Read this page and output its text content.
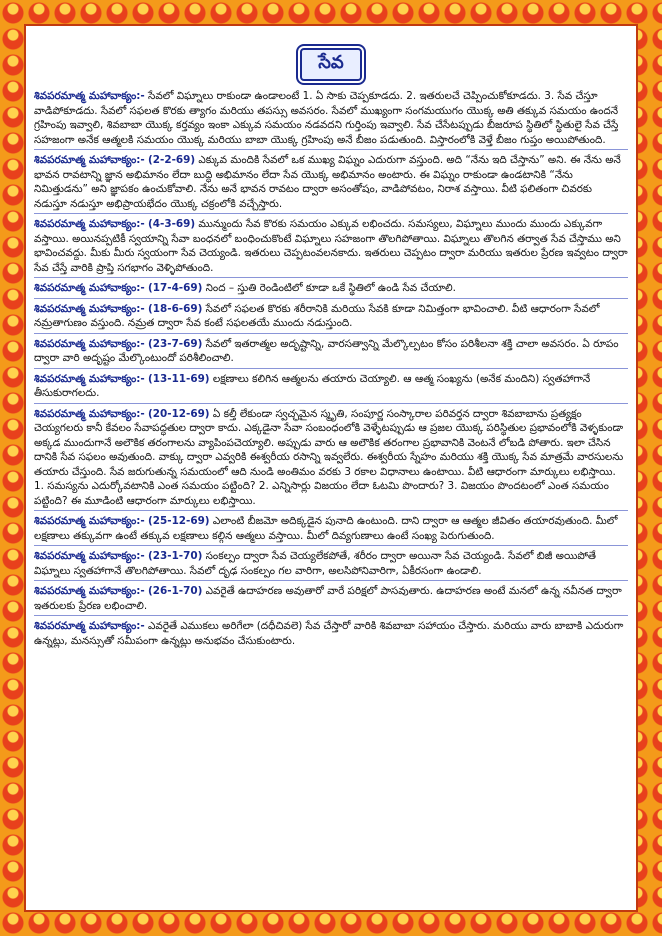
సేవ

శివపరమాత్మ మహావాక్యం:- సేవలో విఘ్నాలు రాకుండా ఉండాలంటే 1. ఏ సాకు చెప్పకూడదు. 2. ఇతరులచే చెప్పించుకోకూడదు. 3. సేవ చేస్తూ వాడిపోకూడదు. సేవలో సఫలత కొరకు త్యాగం మరియు తపస్సు అవసరం. సేవలో ముఖ్యంగా సంగమయుగం యొక్క అతి తక్కువ సమయం ఉందనే గ్రహింపు ఇవ్వాలి, శివబాబా యొక్క కర్తవ్యం ఇంకా ఎక్కువ సమయం నడవదని గుర్తింపు ఇవ్వాలి. సేవ చేసేటప్పుడు బీజరూప స్థితిలో స్థితులై సేవ చేస్తే సహజంగా అనేక ఆత్మలకి సమయం యొక్క మరియు బాబా యొక్క గ్రహింపు అనే బీజం పడుతుంది. విస్తారంలోకి వెళ్తే బీజం గుప్తం అయిపోతుంది.

శివపరమాత్మ మహావాక్యం:- (2-2-69) ఎక్కువ మందికి సేవలో ఒక ముఖ్య విఘ్నం ఎదురుగా వస్తుంది. అది “నేను ఇది చేస్తాను” అని. ఈ నేను అనే భావన రావటాన్ని జ్ఞాన అభిమానం లేదా బుద్ధి అభిమానం లేదా సేవ యొక్క అభిమానం అంటారు. ఈ విఘ్నం రాకుండా ఉండటానికి “నేను నిమిత్తుడను” అని జ్ఞాపకం ఉంచుకోవాలి. నేను అనే భావన రావటం ద్వారా అసంతోషం, వాడిపోవటం, నిరాశ వస్తాయి. వీటి ఫలితంగా చివరకు నడుస్తూ నడుస్తూ అభిప్రాయభేదం యొక్క చక్రంలోకి వచ్చేస్తారు.

శివపరమాత్మ మహావాక్యం:- (4-3-69) మున్ముందు సేవ కొరకు సమయం ఎక్కువ లభించదు. సమస్యలు, విఘ్నాలు ముందు ముందు ఎక్కువగా వస్తాయి. అయినప్పటికీ స్వయాన్ని సేవా బంధనలో బంధించుకొంటే విఘ్నాలు సహజంగా తొలగిపోతాయి. విఘ్నాలు తొలగిన తర్వాత సేవ చేస్తాము అని భావించవద్దు. మీకు మీరు స్వయంగా సేవ చెయ్యండి. ఇతరులు చెప్పటంవలనకాదు. ఇతరులు చెప్పటం ద్వారా మరియు ఇతరుల ప్రేరణ ఇవ్వటం ద్వారా సేవ చేస్తే వారికి ప్రాప్తి సగభాగం వెళ్ళిపోతుంది.

శివపరమాత్మ మహావాక్యం:- (17-4-69) నింద – స్తుతి రెండింటిలో కూడా ఒకే స్థితిలో ఉండి సేవ చేయాలి.

శివపరమాత్మ మహావాక్యం:- (18-6-69) సేవలో సఫలత కొరకు శరీరానికి మరియు సేవకి కూడా నిమిత్తంగా భావించాలి. వీటి ఆధారంగా సేవలో నమ్రతాగుణం వస్తుంది. నమ్రత ద్వారా సేవ కంటే సఫలతయే ముందు నడుస్తుంది.

శివపరమాత్మ మహావాక్యం:- (23-7-69) సేవలో ఇతరాత్మల అదృష్టాన్ని, వారసత్వాన్ని మేల్కొల్పటం కోసం పరిశీలనా శక్తి చాలా అవసరం. ఏ రూపం ద్వారా వారి అదృష్టం మేల్కొంటుందో పరిశీలించాలి.

శివపరమాత్మ మహావాక్యం:- (13-11-69) లక్షణాలు కలిగిన ఆత్మలను తయారు చెయ్యాలి. ఆ ఆత్మ సంఖ్యను (అనేక మందిని) స్వతహాగానే తీసుకురాగలదు.

శివపరమాత్మ మహావాక్యం:- (20-12-69) ఏ కల్తీ లేకుండా స్వచ్ఛమైన స్మృతి, సంపూర్ణ సంస్కారాల పరివర్తన ద్వారా శివబాబాను ప్రత్యక్షం చెయ్యగలరు కానీ కేవలం సేవాపద్ధతుల ద్వారా కాదు. ఎక్కడైనా సేవా సంబంధంలోకి వెళ్ళేటప్పుడు ఆ ప్రజల యొక్క పరిస్థితుల ప్రభావంలోకి వెళ్ళకుండా అక్కడ ముందుగానే అలౌకిక తరంగాలను వ్యాపింపచెయ్యాలి. అప్పుడు వారు ఆ అలౌకిక తరంగాల ప్రభావానికి వెంటనే లోబడి పోతారు. ఇలా చేసిన దానికి సేవ సఫలం అవుతుంది. వాక్కు ద్వారా ఎవ్వరికి ఈశ్వరీయ రసాన్ని ఇవ్వలేరు. ఈశ్వరీయ స్నేహం మరియు శక్తి యొక్క సేవ మాత్రమే వారసులను తయారు చేస్తుంది. సేవ జరుగుతున్న సమయంలో ఆది నుండి అంతిమం వరకు 3 రకాల విధానాలు ఉంటాయి. వీటి ఆధారంగా మార్కులు లభిస్తాయి. 1. సమస్యను ఎదుర్కోవటానికి ఎంత సమయం పట్టింది? 2. ఎన్నిసార్లు విజయం లేదా ఓటమి పొందారు? 3. విజయం పొందటంలో ఎంత సమయం పట్టింది? ఈ మూడింటి ఆధారంగా మార్కులు లభిస్తాయి.

శివపరమాత్మ మహావాక్యం:- (25-12-69) ఎలాంటి బీజమో అదిక్కడైన పునాది ఉంటుంది. దాని ద్వారా ఆ ఆత్మల జీవితం తయారవుతుంది. మీలో లక్షణాలు తక్కువగా ఉంటే తక్కువ లక్షణాలు కల్గిన ఆత్మలు వస్తాయి. మీలో దివ్యగుణాలు ఉంటే సంఖ్య పెరుగుతుంది.

శివపరమాత్మ మహావాక్యం:- (23-1-70) సంకల్పం ద్వారా సేవ చెయ్యలేకపోతే, శరీరం ద్వారా అయినా సేవ చెయ్యండి. సేవలో బిజీ అయిపోతే విఘ్నాలు స్వతహాగానే తొలగిపోతాయి. సేవలో దృఢ సంకల్పం గల వారిగా, అలసిపోనివారిగా, ఏకీరసంగా ఉండాలి.

శివపరమాత్మ మహావాక్యం:- (26-1-70) ఎవరైతే ఉదాహరణ అవుతారో వారే పరిక్షలో పాసవుతారు. ఉదాహరణ అంటే మనలో ఉన్న నవీనత ద్వారా ఇతరులకు ప్రేరణ లభించాలి.

శివపరమాత్మ మహావాక్యం:- ఎవరైతే ఎముకలు అరిగేలా (దధీచివలె) సేవ చేస్తారో వారికి శివబాబా సహాయం చేస్తారు. మరియు వారు బాబాకి ఎదురుగా ఉన్నట్లు, మనస్సుతో సమీపంగా ఉన్నట్లు అనుభవం చేసుకుంటారు.
